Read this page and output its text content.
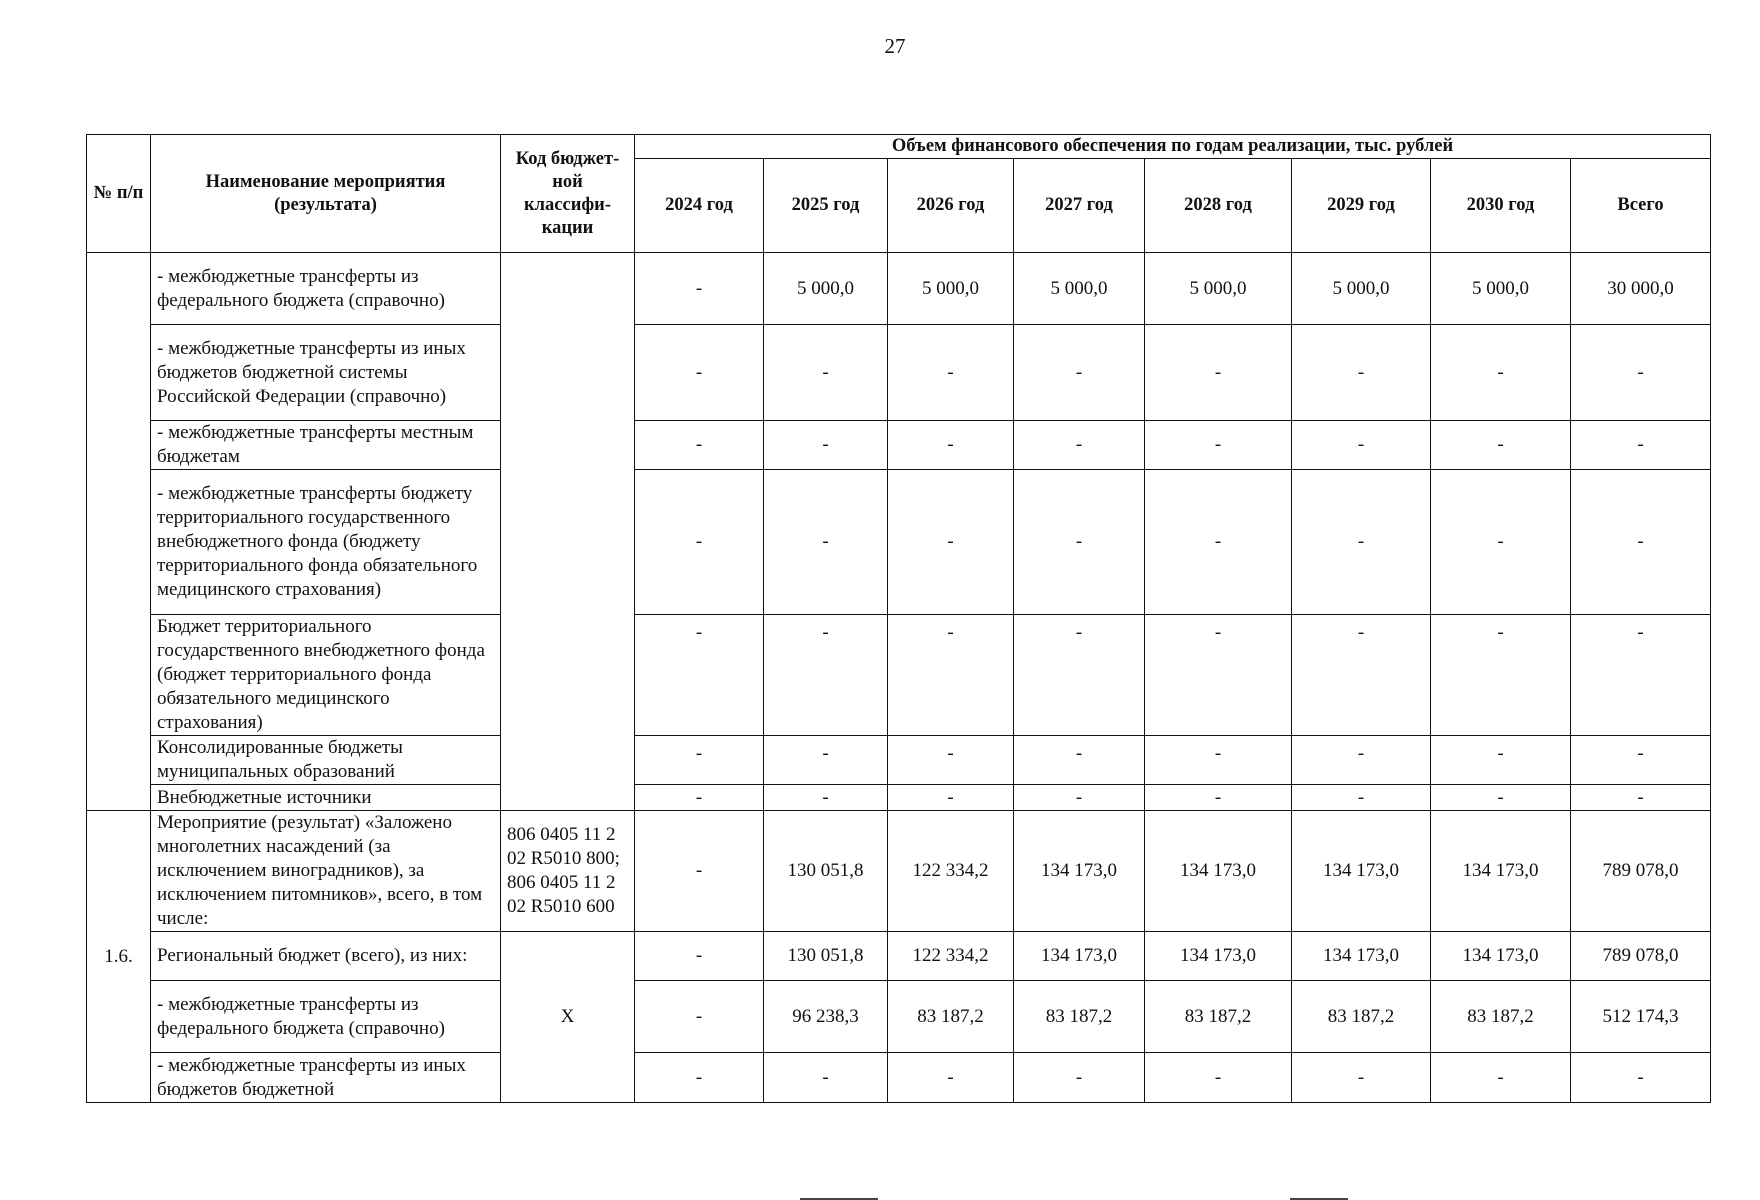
27
№ п/п	Наименование мероприятия (результата)	Код бюджет-ной классифи-кации	Объем финансового обеспечения по годам реализации, тыс. рублей							
			2024 год	2025 год	2026 год	2027 год	2028 год	2029 год	2030 год	Всего
	- межбюджетные трансферты из федерального бюджета (справочно)		-	5 000,0	5 000,0	5 000,0	5 000,0	5 000,0	5 000,0	30 000,0
	- межбюджетные трансферты из иных бюджетов бюджетной системы Российской Федерации (справочно)		-	-	-	-	-	-	-	-
	- межбюджетные трансферты местным бюджетам		-	-	-	-	-	-	-	-
	- межбюджетные трансферты бюджету территориального государственного внебюджетного фонда (бюджету территориального фонда обязательного медицинского страхования)		-	-	-	-	-	-	-	-
	Бюджет территориального государственного внебюджетного фонда (бюджет территориального фонда обязательного медицинского страхования)		-	-	-	-	-	-	-	-
	Консолидированные бюджеты муниципальных образований		-	-	-	-	-	-	-	-
	Внебюджетные источники		-	-	-	-	-	-	-	-
1.6.	Мероприятие (результат) «Заложено многолетних насаждений (за исключением виноградников), за исключением питомников», всего, в том числе:	806 0405 11 2 02 R5010 800; 806 0405 11 2 02 R5010 600	-	130 051,8	122 334,2	134 173,0	134 173,0	134 173,0	134 173,0	789 078,0
	Региональный бюджет (всего), из них:	X	-	130 051,8	122 334,2	134 173,0	134 173,0	134 173,0	134 173,0	789 078,0
	- межбюджетные трансферты из федерального бюджета (справочно)		-	96 238,3	83 187,2	83 187,2	83 187,2	83 187,2	83 187,2	512 174,3
	- межбюджетные трансферты из иных бюджетов бюджетной		-	-	-	-	-	-	-	-
